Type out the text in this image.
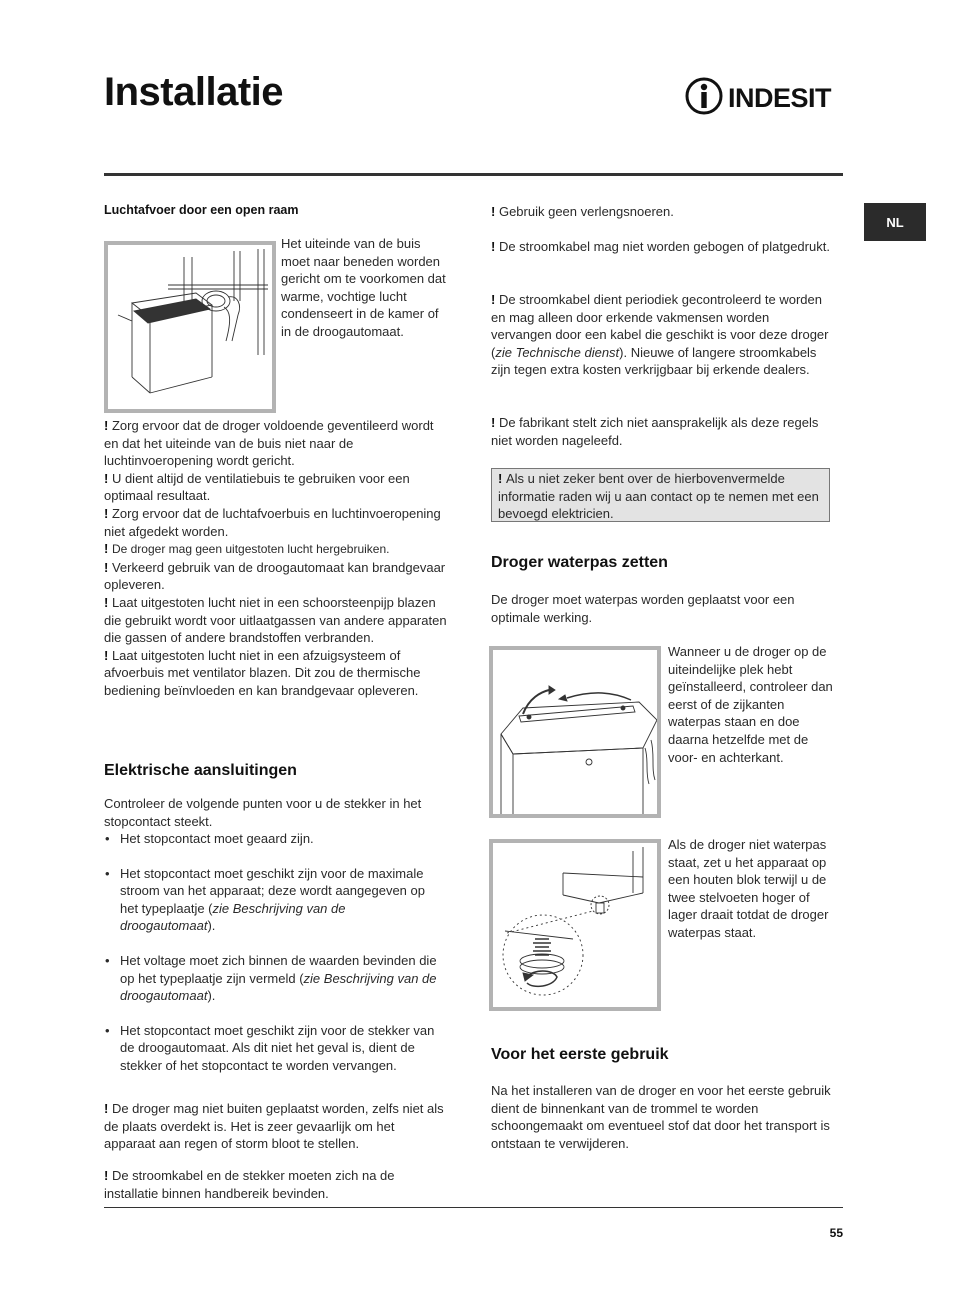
Installatie	INDESIT
NL

Luchtafvoer door een open raam

Het uiteinde van de buis moet naar beneden worden gericht om te voorkomen dat warme, vochtige lucht condenseert in de kamer of in de droogautomaat.

! Zorg ervoor dat de droger voldoende geventileerd wordt en dat het uiteinde van de buis niet naar de luchtinvoeropening wordt gericht.

! U dient altijd de ventilatiebuis te gebruiken voor een optimaal resultaat.

! Zorg ervoor dat de luchtafvoerbuis en luchtinvoeropening niet afgedekt worden.

! De droger mag geen uitgestoten lucht hergebruiken.

! Verkeerd gebruik van de droogautomaat kan brandgevaar opleveren.

! Laat uitgestoten lucht niet in een schoorsteenpijp blazen die gebruikt wordt voor uitlaatgassen van andere apparaten die gassen of andere brandstoffen verbranden.

! Laat uitgestoten lucht niet in een afzuigsysteem of afvoerbuis met ventilator blazen. Dit zou de thermische bediening beïnvloeden en kan brandgevaar opleveren.

Elektrische aansluitingen

Controleer de volgende punten voor u de stekker in het stopcontact steekt.

• Het stopcontact moet geaard zijn.
• Het stopcontact moet geschikt zijn voor de maximale stroom van het apparaat; deze wordt aangegeven op het typeplaatje (zie Beschrijving van de droogautomaat).
• Het voltage moet zich binnen de waarden bevinden die op het typeplaatje zijn vermeld (zie Beschrijving van de droogautomaat).
• Het stopcontact moet geschikt zijn voor de stekker van de droogautomaat. Als dit niet het geval is, dient de stekker of het stopcontact te worden vervangen.

! De droger mag niet buiten geplaatst worden, zelfs niet als de plaats overdekt is. Het is zeer gevaarlijk om het apparaat aan regen of storm bloot te stellen.

! De stroomkabel en de stekker moeten zich na de installatie binnen handbereik bevinden.

! Gebruik geen verlengsnoeren.

! De stroomkabel mag niet worden gebogen of platgedrukt.

! De stroomkabel dient periodiek gecontroleerd te worden en mag alleen door erkende vakmensen worden vervangen door een kabel die geschikt is voor deze droger (zie Technische dienst). Nieuwe of langere stroomkabels zijn tegen extra kosten verkrijgbaar bij erkende dealers.

! De fabrikant stelt zich niet aansprakelijk als deze regels niet worden nageleefd.

! Als u niet zeker bent over de hierbovenvermelde informatie raden wij u aan contact op te nemen met een bevoegd elektricien.

Droger waterpas zetten

De droger moet waterpas worden geplaatst voor een optimale werking.

Wanneer u de droger op de uiteindelijke plek hebt geïnstalleerd, controleer dan eerst of de zijkanten waterpas staan en doe daarna hetzelfde met de voor- en achterkant.

Als de droger niet waterpas staat, zet u het apparaat op een houten blok terwijl u de twee stelvoeten hoger of lager draait totdat de droger waterpas staat.

Voor het eerste gebruik

Na het installeren van de droger en voor het eerste gebruik dient de binnenkant van de trommel te worden schoongemaakt om eventueel stof dat door het transport is ontstaan te verwijderen.

55
